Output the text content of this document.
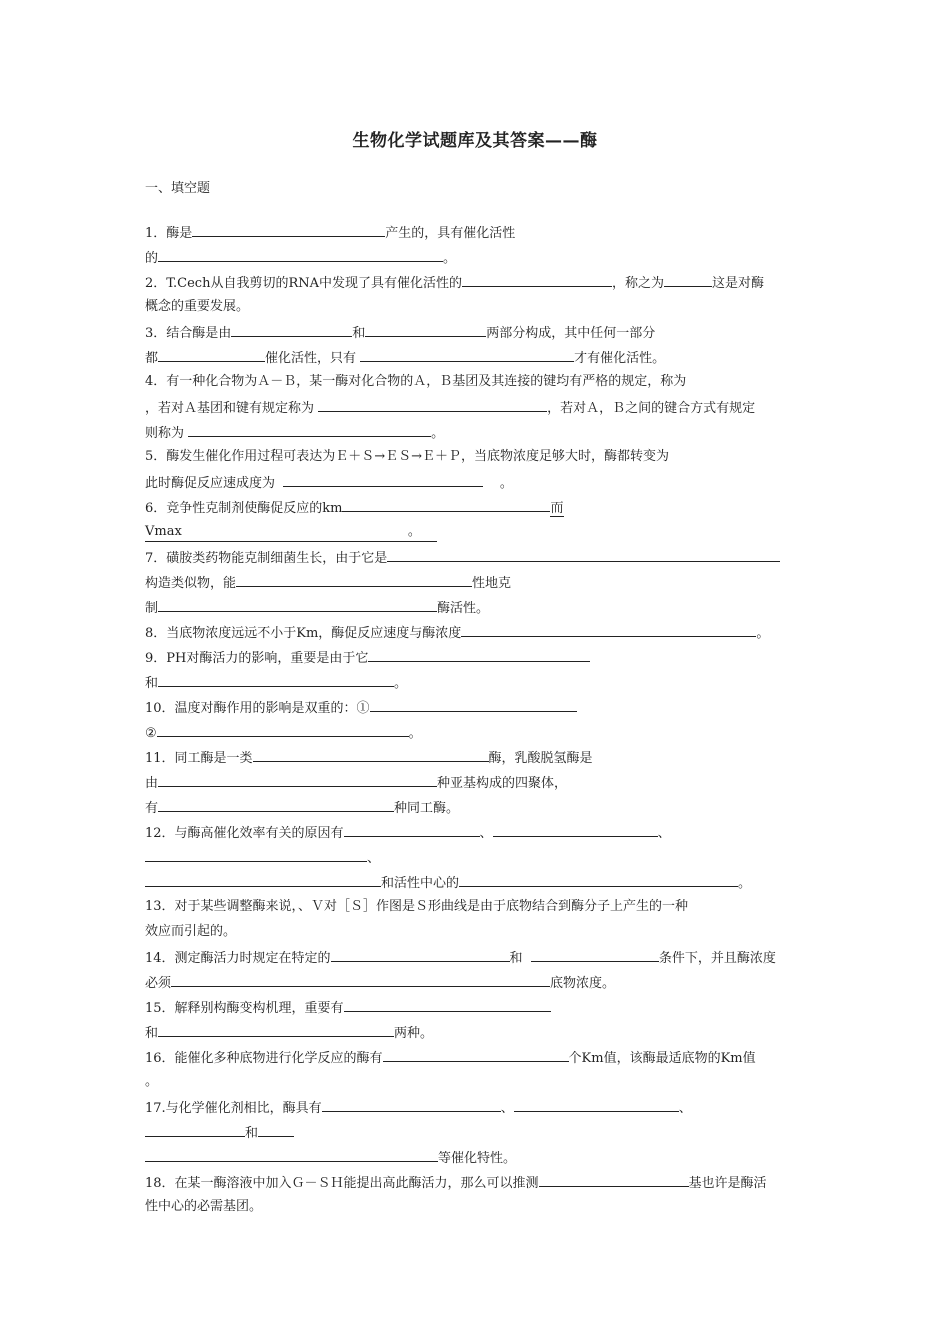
生物化学试题库及其答案——酶

一、填空题

1．酶是	产生的，具有催化活性
的	。
2．T.Cech从自我剪切的RNA中发现了具有催化活性的	，称之为	这是对酶
概念的重要发展。
3．结合酶是由	和	两部分构成，其中任何一部分
都	催化活性，只有	才有催化活性。
4．有一种化合物为Ａ－Ｂ，某一酶对化合物的Ａ，Ｂ基团及其连接的键均有严格的规定，称为
，若对Ａ基团和键有规定称为	，若对Ａ，Ｂ之间的键合方式有规定
则称为	。
5．酶发生催化作用过程可表达为Ｅ＋Ｓ→ＥＳ→Ｅ＋Ｐ，当底物浓度足够大时，酶都转变为
此时酶促反应速成度为	。
6．竞争性克制剂使酶促反应的km	而
Vmax	。
7．磺胺类药物能克制细菌生长，由于它是
构造类似物，能	性地克
制	酶活性。
8．当底物浓度远远不小于Km，酶促反应速度与酶浓度	。
9．PH对酶活力的影响，重要是由于它
和	。
10．温度对酶作用的影响是双重的：①
②	。
11．同工酶是一类	酶，乳酸脱氢酶是
由	种亚基构成的四聚体，
有	种同工酶。
12．与酶高催化效率有关的原因有	、	、
、
和活性中心的	。
13．对于某些调整酶来说，、Ｖ对［Ｓ］作图是Ｓ形曲线是由于底物结合到酶分子上产生的一种
效应而引起的。
14．测定酶活力时规定在特定的	和	条件下，并且酶浓度
必须	底物浓度。
15．解释别构酶变构机理，重要有
和	两种。
16．能催化多种底物进行化学反应的酶有	个Km值，该酶最适底物的Km值
。
17.与化学催化剂相比，酶具有	、	、
和
等催化特性。
18．在某一酶溶液中加入Ｇ－ＳＨ能提出高此酶活力，那么可以推测	基也许是酶活
性中心的必需基团。
